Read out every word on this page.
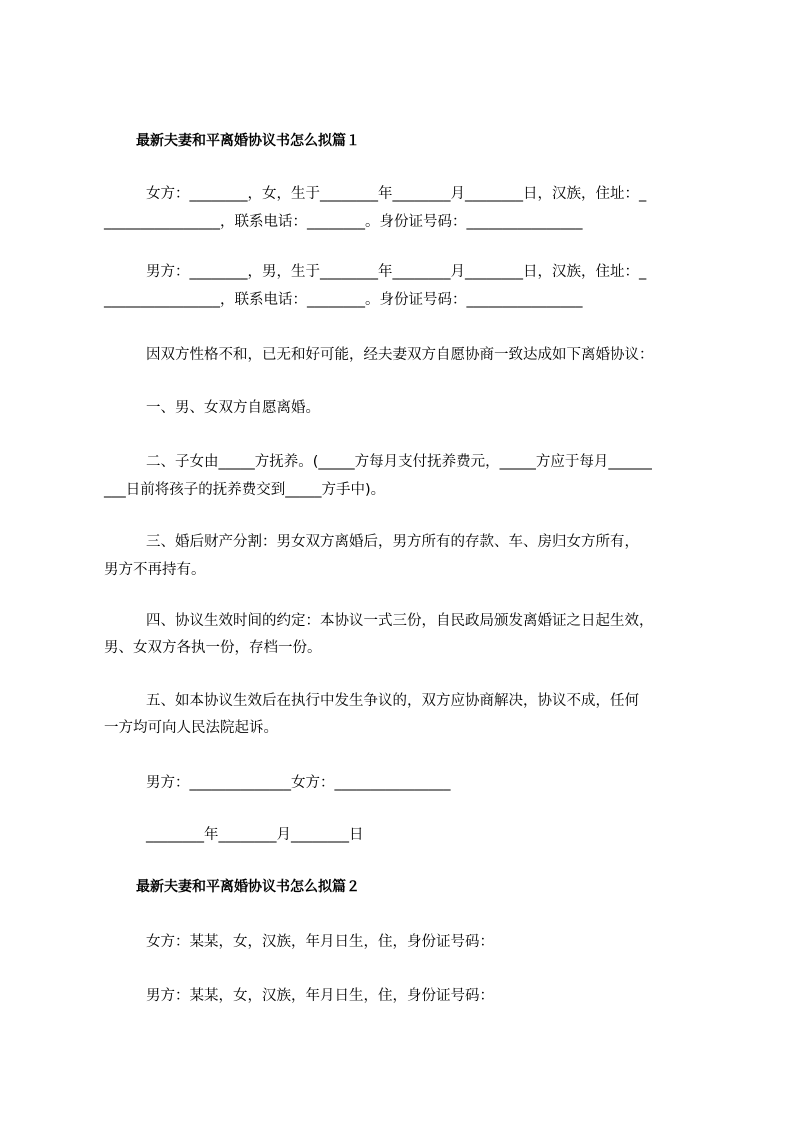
最新夫妻和平离婚协议书怎么拟篇１
女方：________，女，生于________年________月________日，汉族，住址：_
________________，联系电话：________。身份证号码：________________
男方：________，男，生于________年________月________日，汉族，住址：_
________________，联系电话：________。身份证号码：________________
因双方性格不和，已无和好可能，经夫妻双方自愿协商一致达成如下离婚协议：
一、男、女双方自愿离婚。
二、子女由_____方抚养。(_____方每月支付抚养费元，_____方应于每月______
___日前将孩子的抚养费交到_____方手中)。
三、婚后财产分割：男女双方离婚后，男方所有的存款、车、房归女方所有，
男方不再持有。
四、协议生效时间的约定：本协议一式三份，自民政局颁发离婚证之日起生效，
男、女双方各执一份，存档一份。
五、如本协议生效后在执行中发生争议的，双方应协商解决，协议不成，任何
一方均可向人民法院起诉。
男方：______________女方：________________
________年________月________日
最新夫妻和平离婚协议书怎么拟篇２
女方：某某，女，汉族，年月日生，住，身份证号码：
男方：某某，女，汉族，年月日生，住，身份证号码：
